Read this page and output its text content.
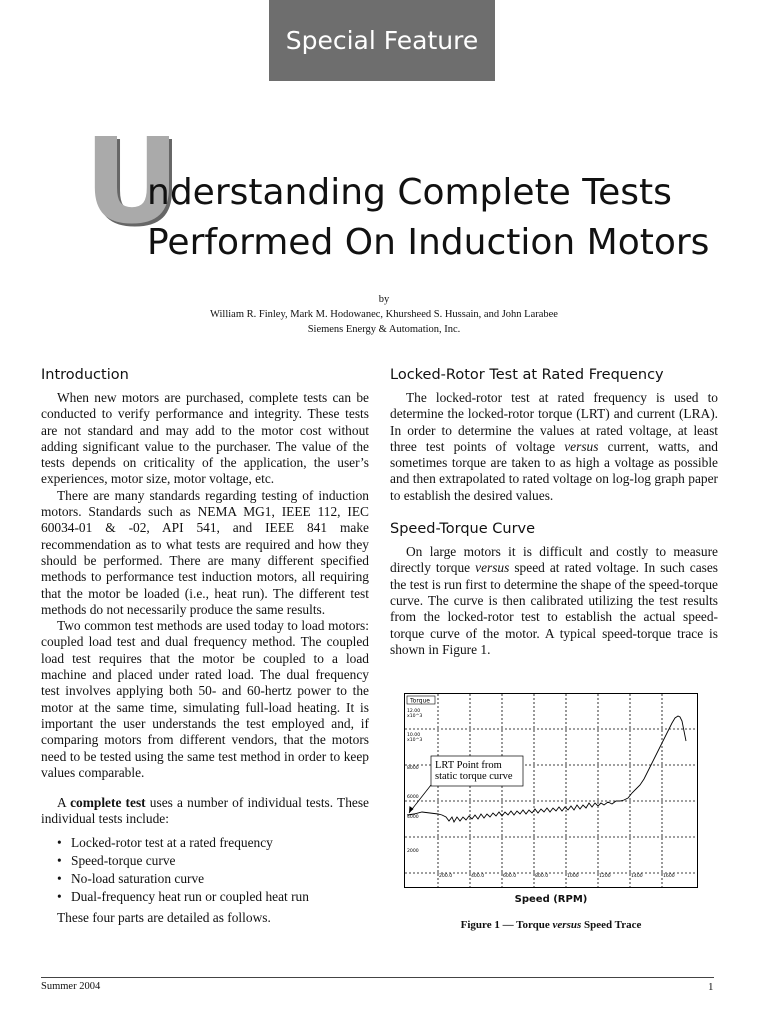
Special Feature
U
nderstanding Complete Tests
Performed On Induction Motors
by
William R. Finley, Mark M. Hodowanec, Khursheed S. Hussain, and John Larabee
Siemens Energy & Automation, Inc.
Introduction

When new motors are purchased, complete tests can be conducted to verify performance and integrity. These tests are not standard and may add to the motor cost without adding significant value to the purchaser. The value of the tests depends on criticality of the application, the user’s experiences, motor size, motor voltage, etc.

There are many standards regarding testing of induction motors. Standards such as NEMA MG1, IEEE 112, IEC 60034-01 & -02, API 541, and IEEE 841 make recommendation as to what tests are required and how they should be performed. There are many different specified methods to performance test induction motors, all requiring that the motor be loaded (i.e., heat run). The different test methods do not necessarily produce the same results.

Two common test methods are used today to load motors: coupled load test and dual frequency method. The coupled load test requires that the motor be coupled to a load machine and placed under rated load. The dual frequency test involves applying both 50- and 60-hertz power to the motor at the same time, simulating full-load heating. It is important the user understands the test employed and, if comparing motors from different vendors, that the motors need to be tested using the same test method in order to keep values comparable.

A complete test uses a number of individual tests. These individual tests include:

• Locked-rotor test at a rated frequency
• Speed-torque curve
• No-load saturation curve
• Dual-frequency heat run or coupled heat run

These four parts are detailed as follows.

Locked-Rotor Test at Rated Frequency

The locked-rotor test at rated frequency is used to determine the locked-rotor torque (LRT) and current (LRA). In order to determine the values at rated voltage, at least three test points of voltage versus current, watts, and sometimes torque are taken to as high a voltage as possible and then extrapolated to rated voltage on log-log graph paper to establish the desired values.

Speed-Torque Curve

On large motors it is difficult and costly to measure directly torque versus speed at rated voltage. In such cases the test is run first to determine the shape of the speed-torque curve. The curve is then calibrated utilizing the test results from the locked-rotor test to establish the actual speed-torque curve of the motor. A typical speed-torque trace is shown in Figure 1.

Torque
12.00
x10^3
10.00
x10^3
8000
6000
4000
2000
200.0	400.0	600.0	800.0	1000	1200	1400	1600
LRT Point from
static torque curve
Speed (RPM)
Figure 1 — Torque versus Speed Trace
Summer 2004	1
